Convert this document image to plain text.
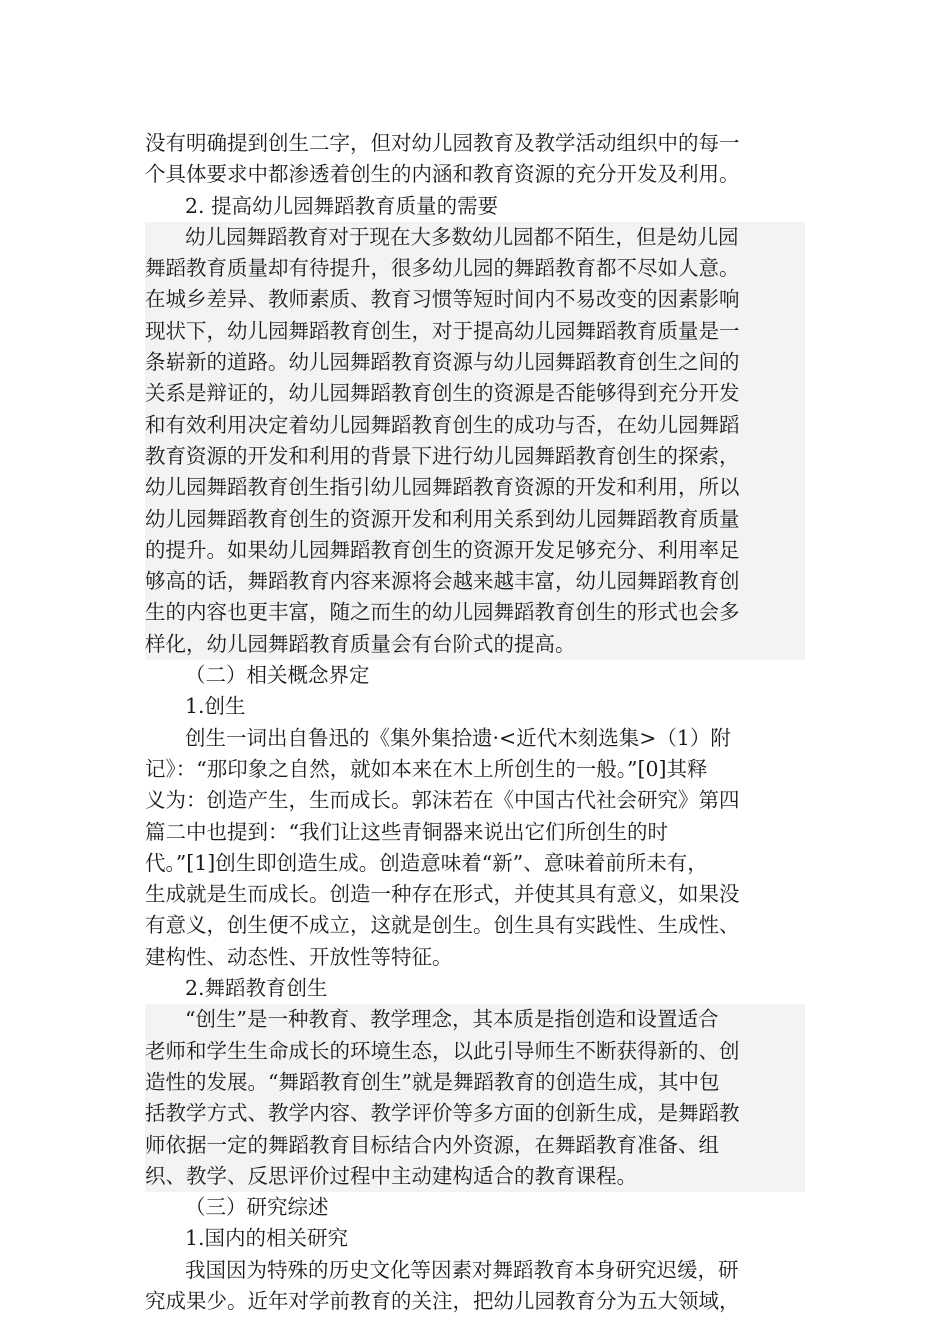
没有明确提到创生二字，但对幼儿园教育及教学活动组织中的每一
个具体要求中都渗透着创生的内涵和教育资源的充分开发及利用。
2. 提高幼儿园舞蹈教育质量的需要
幼儿园舞蹈教育对于现在大多数幼儿园都不陌生，但是幼儿园
舞蹈教育质量却有待提升，很多幼儿园的舞蹈教育都不尽如人意。
在城乡差异、教师素质、教育习惯等短时间内不易改变的因素影响
现状下，幼儿园舞蹈教育创生，对于提高幼儿园舞蹈教育质量是一
条崭新的道路。幼儿园舞蹈教育资源与幼儿园舞蹈教育创生之间的
关系是辩证的，幼儿园舞蹈教育创生的资源是否能够得到充分开发
和有效利用决定着幼儿园舞蹈教育创生的成功与否，在幼儿园舞蹈
教育资源的开发和利用的背景下进行幼儿园舞蹈教育创生的探索，
幼儿园舞蹈教育创生指引幼儿园舞蹈教育资源的开发和利用，所以
幼儿园舞蹈教育创生的资源开发和利用关系到幼儿园舞蹈教育质量
的提升。如果幼儿园舞蹈教育创生的资源开发足够充分、利用率足
够高的话，舞蹈教育内容来源将会越来越丰富，幼儿园舞蹈教育创
生的内容也更丰富，随之而生的幼儿园舞蹈教育创生的形式也会多
样化，幼儿园舞蹈教育质量会有台阶式的提高。
（二）相关概念界定
1.创生
创生一词出自鲁迅的《集外集拾遗·<近代木刻选集>（1）附
记》：“那印象之自然，就如本来在木上所创生的一般。”[0]其释
义为：创造产生，生而成长。郭沫若在《中国古代社会研究》第四
篇二中也提到：“我们让这些青铜器来说出它们所创生的时
代。”[1]创生即创造生成。创造意味着“新”、意味着前所未有，
生成就是生而成长。创造一种存在形式，并使其具有意义，如果没
有意义，创生便不成立，这就是创生。创生具有实践性、生成性、
建构性、动态性、开放性等特征。
2.舞蹈教育创生
“创生”是一种教育、教学理念，其本质是指创造和设置适合
老师和学生生命成长的环境生态，以此引导师生不断获得新的、创
造性的发展。“舞蹈教育创生”就是舞蹈教育的创造生成，其中包
括教学方式、教学内容、教学评价等多方面的创新生成，是舞蹈教
师依据一定的舞蹈教育目标结合内外资源，在舞蹈教育准备、组
织、教学、反思评价过程中主动建构适合的教育课程。
（三）研究综述
1.国内的相关研究
我国因为特殊的历史文化等因素对舞蹈教育本身研究迟缓，研
究成果少。近年对学前教育的关注，把幼儿园教育分为五大领域，
